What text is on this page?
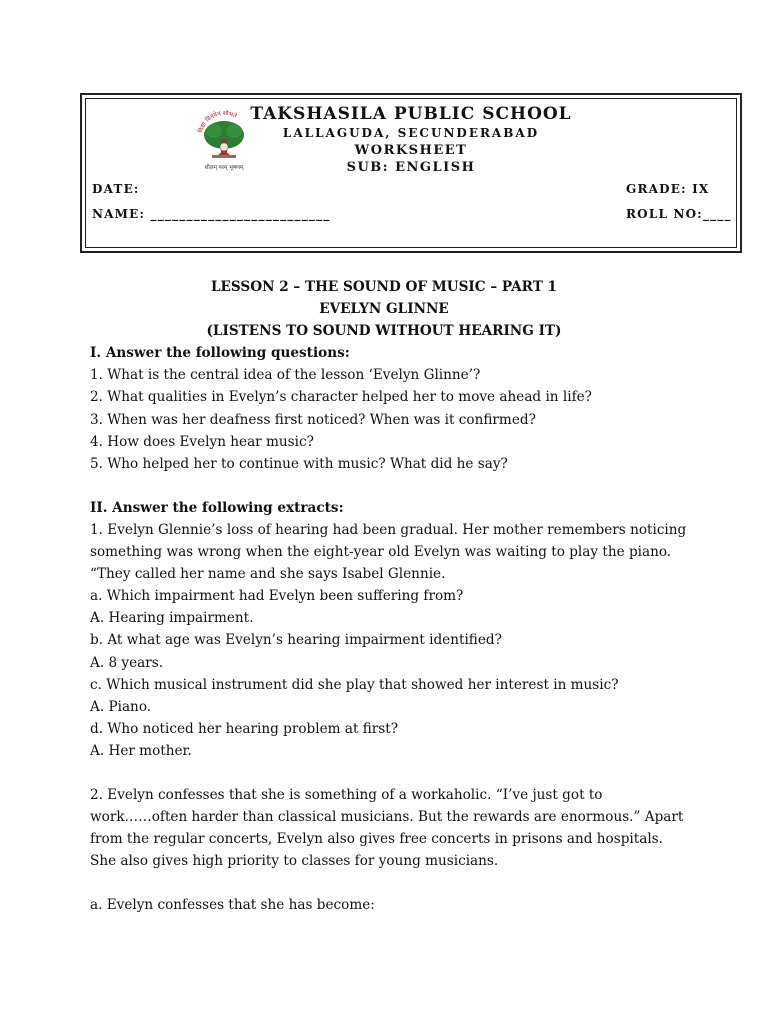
विद्या विनयेन शोभते
शीलम् परम् भूषणम्
TAKSHASILA PUBLIC SCHOOL
LALLAGUDA, SECUNDERABAD
WORKSHEET
SUB: ENGLISH
DATE:
NAME: _________________________
GRADE: IX
ROLL NO:____
LESSON 2 – THE SOUND OF MUSIC – PART 1
EVELYN GLINNE
(LISTENS TO SOUND WITHOUT HEARING IT)
I. Answer the following questions:
1. What is the central idea of the lesson ‘Evelyn Glinne’?
2. What qualities in Evelyn’s character helped her to move ahead in life?
3. When was her deafness first noticed? When was it confirmed?
4. How does Evelyn hear music?
5. Who helped her to continue with music? What did he say?
II. Answer the following extracts:
1. Evelyn Glennie’s loss of hearing had been gradual. Her mother remembers noticing
something was wrong when the eight-year old Evelyn was waiting to play the piano.
“They called her name and she says Isabel Glennie.
a. Which impairment had Evelyn been suffering from?
A. Hearing impairment.
b. At what age was Evelyn’s hearing impairment identified?
A. 8 years.
c. Which musical instrument did she play that showed her interest in music?
A. Piano.
d. Who noticed her hearing problem at first?
A. Her mother.
2. Evelyn confesses that she is something of a workaholic. “I’ve just got to
work……often harder than classical musicians. But the rewards are enormous.” Apart
from the regular concerts, Evelyn also gives free concerts in prisons and hospitals.
She also gives high priority to classes for young musicians.
a. Evelyn confesses that she has become:
